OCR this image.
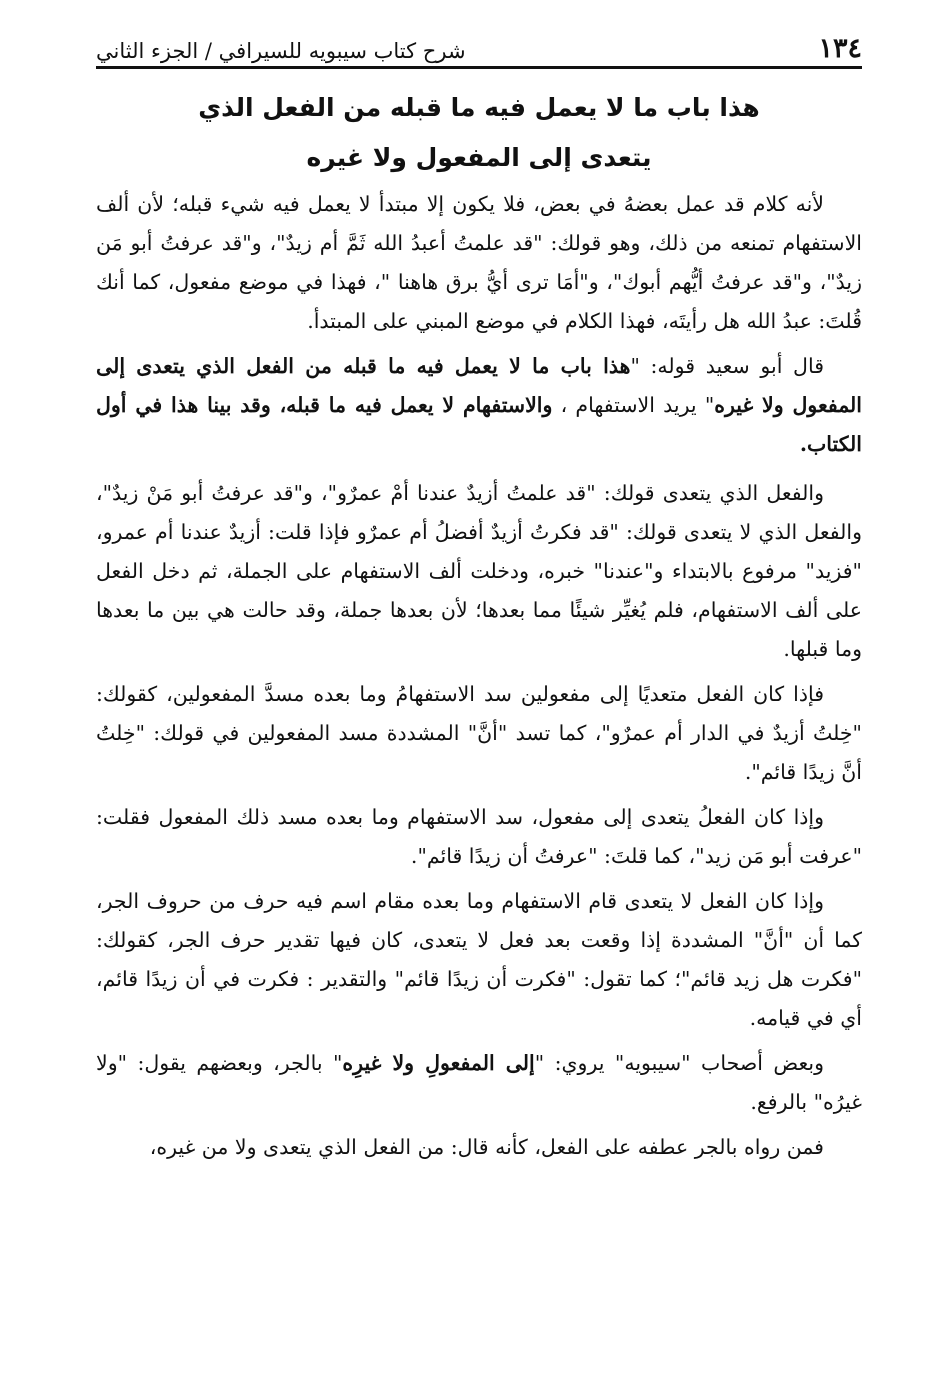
١٣٤
شرح كتاب سيبويه للسيرافي / الجزء الثاني
هذا باب ما لا يعمل فيه ما قبله من الفعل الذي
يتعدى إلى المفعول ولا غيره

لأنه كلام قد عمل بعضهُ في بعض، فلا يكون إلا مبتدأ لا يعمل فيه شيء قبله؛ لأن ألف الاستفهام تمنعه من ذلك، وهو قولك: "قد علمتُ أعبدُ الله ثَمَّ أم زيدٌ"، و"قد عرفتُ أبو مَن زيدٌ"، و"قد عرفتُ أيُّهم أبوك"، و"أمَا ترى أيُّ برق هاهنا "، فهذا في موضع مفعول، كما أنك قُلتَ: عبدُ الله هل رأيتَه، فهذا الكلام في موضع المبني على المبتدأ.

قال أبو سعيد قوله: "هذا باب ما لا يعمل فيه ما قبله من الفعل الذي يتعدى إلى المفعول ولا غيره" يريد الاستفهام ، والاستفهام لا يعمل فيه ما قبله، وقد بينا هذا في أول الكتاب.

والفعل الذي يتعدى قولك: "قد علمتُ أزيدٌ عندنا أمْ عمرٌو"، و"قد عرفتُ أبو مَنْ زيدٌ"، والفعل الذي لا يتعدى قولك: "قد فكرتُ أزيدٌ أفضلُ أم عمرٌو فإذا قلت: أزيدٌ عندنا أم عمرو، "فزيد" مرفوع بالابتداء و"عندنا" خبره، ودخلت ألف الاستفهام على الجملة، ثم دخل الفعل على ألف الاستفهام، فلم يُغيِّر شيئًا مما بعدها؛ لأن بعدها جملة، وقد حالت هي بين ما بعدها وما قبلها.

فإذا كان الفعل متعديًا إلى مفعولين سد الاستفهامُ وما بعده مسدَّ المفعولين، كقولك: "خِلتُ أزيدٌ في الدار أم عمرٌو"، كما تسد "أنَّ" المشددة مسد المفعولين في قولك: "خِلتُ أنَّ زيدًا قائم".

وإذا كان الفعلُ يتعدى إلى مفعول، سد الاستفهام وما بعده مسد ذلك المفعول فقلت: "عرفت أبو مَن زيد"، كما قلتَ: "عرفتُ أن زيدًا قائم".

وإذا كان الفعل لا يتعدى قام الاستفهام وما بعده مقام اسم فيه حرف من حروف الجر، كما أن "أنَّ" المشددة إذا وقعت بعد فعل لا يتعدى، كان فيها تقدير حرف الجر، كقولك: "فكرت هل زيد قائم"؛ كما تقول: "فكرت أن زيدًا قائم" والتقدير : فكرت في أن زيدًا قائم، أي في قيامه.

وبعض أصحاب "سيبويه" يروي: "إلى المفعولِ ولا غيرِه" بالجر، وبعضهم يقول: "ولا غيرُه" بالرفع.

فمن رواه بالجر عطفه على الفعل، كأنه قال: من الفعل الذي يتعدى ولا من غيره،
